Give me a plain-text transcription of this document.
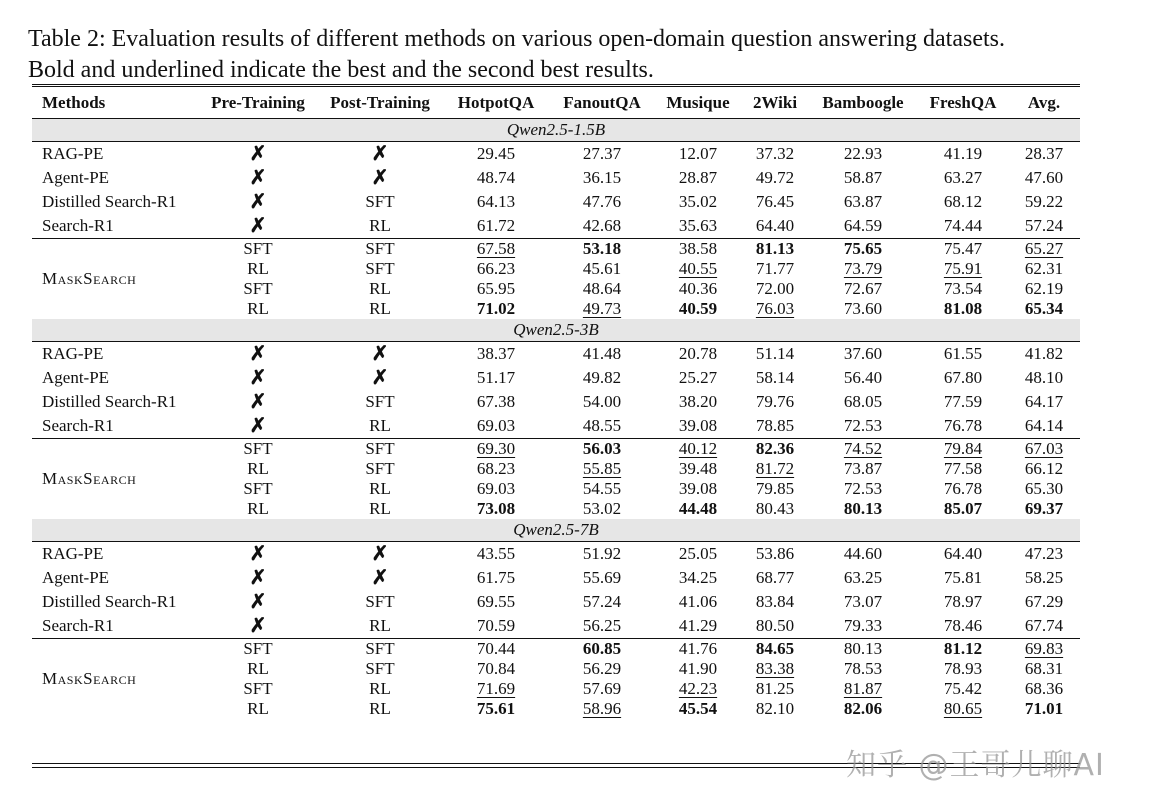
Table 2: Evaluation results of different methods on various open-domain question answering datasets.
Bold and underlined indicate the best and the second best results.
Methods	Pre-Training	Post-Training	HotpotQA	FanoutQA	Musique	2Wiki	Bamboogle	FreshQA	Avg.
Qwen2.5-1.5B									
RAG-PE	✗	✗	29.45	27.37	12.07	37.32	22.93	41.19	28.37
Agent-PE	✗	✗	48.74	36.15	28.87	49.72	58.87	63.27	47.60
Distilled Search-R1	✗	SFT	64.13	47.76	35.02	76.45	63.87	68.12	59.22
Search-R1	✗	RL	61.72	42.68	35.63	64.40	64.59	74.44	57.24
MaskSearch	SFT	SFT	67.58	53.18	38.58	81.13	75.65	75.47	65.27
	RL	SFT	66.23	45.61	40.55	71.77	73.79	75.91	62.31
	SFT	RL	65.95	48.64	40.36	72.00	72.67	73.54	62.19
	RL	RL	71.02	49.73	40.59	76.03	73.60	81.08	65.34
Qwen2.5-3B									
RAG-PE	✗	✗	38.37	41.48	20.78	51.14	37.60	61.55	41.82
Agent-PE	✗	✗	51.17	49.82	25.27	58.14	56.40	67.80	48.10
Distilled Search-R1	✗	SFT	67.38	54.00	38.20	79.76	68.05	77.59	64.17
Search-R1	✗	RL	69.03	48.55	39.08	78.85	72.53	76.78	64.14
MaskSearch	SFT	SFT	69.30	56.03	40.12	82.36	74.52	79.84	67.03
	RL	SFT	68.23	55.85	39.48	81.72	73.87	77.58	66.12
	SFT	RL	69.03	54.55	39.08	79.85	72.53	76.78	65.30
	RL	RL	73.08	53.02	44.48	80.43	80.13	85.07	69.37
Qwen2.5-7B									
RAG-PE	✗	✗	43.55	51.92	25.05	53.86	44.60	64.40	47.23
Agent-PE	✗	✗	61.75	55.69	34.25	68.77	63.25	75.81	58.25
Distilled Search-R1	✗	SFT	69.55	57.24	41.06	83.84	73.07	78.97	67.29
Search-R1	✗	RL	70.59	56.25	41.29	80.50	79.33	78.46	67.74
MaskSearch	SFT	SFT	70.44	60.85	41.76	84.65	80.13	81.12	69.83
	RL	SFT	70.84	56.29	41.90	83.38	78.53	78.93	68.31
	SFT	RL	71.69	57.69	42.23	81.25	81.87	75.42	68.36
	RL	RL	75.61	58.96	45.54	82.10	82.06	80.65	71.01
知乎 @王哥儿聊AI
